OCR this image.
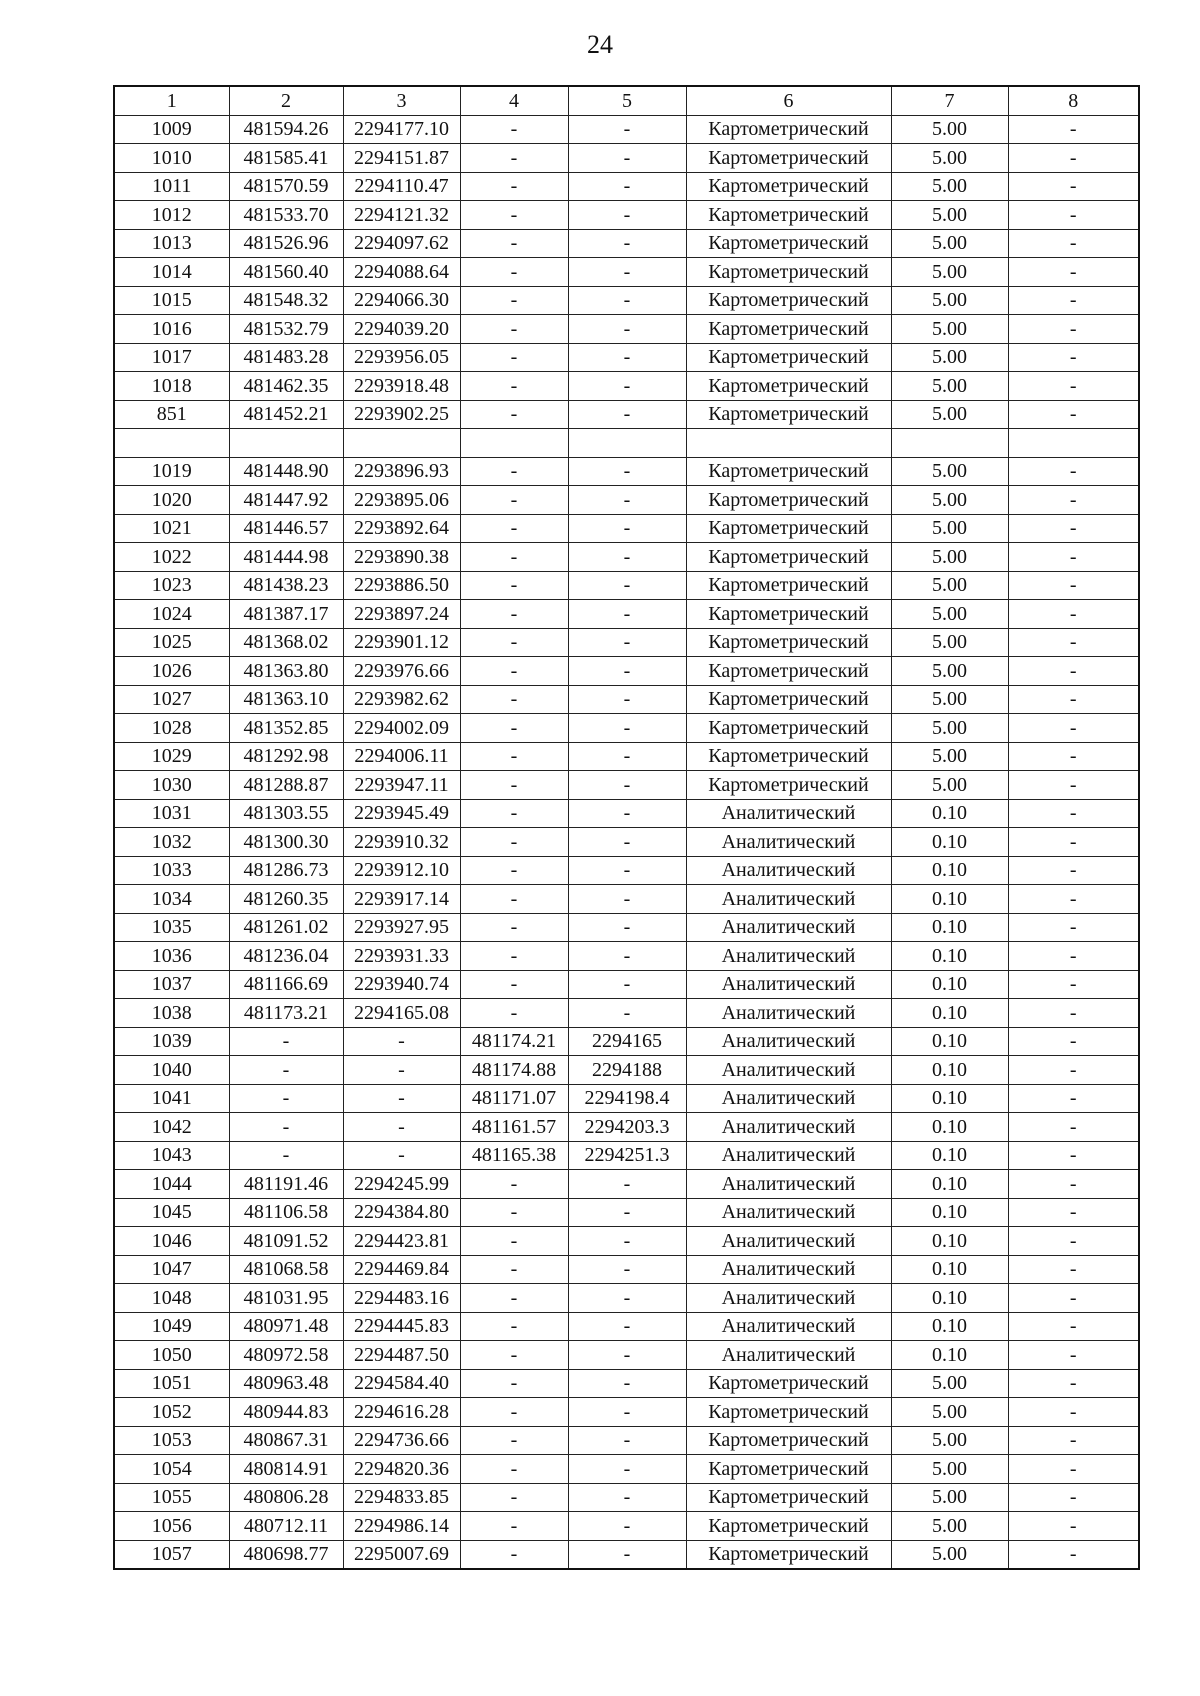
24
1	2	3	4	5	6	7	8
1009	481594.26	2294177.10	-	-	Картометрический	5.00	-
1010	481585.41	2294151.87	-	-	Картометрический	5.00	-
1011	481570.59	2294110.47	-	-	Картометрический	5.00	-
1012	481533.70	2294121.32	-	-	Картометрический	5.00	-
1013	481526.96	2294097.62	-	-	Картометрический	5.00	-
1014	481560.40	2294088.64	-	-	Картометрический	5.00	-
1015	481548.32	2294066.30	-	-	Картометрический	5.00	-
1016	481532.79	2294039.20	-	-	Картометрический	5.00	-
1017	481483.28	2293956.05	-	-	Картометрический	5.00	-
1018	481462.35	2293918.48	-	-	Картометрический	5.00	-
851	481452.21	2293902.25	-	-	Картометрический	5.00	-

1019	481448.90	2293896.93	-	-	Картометрический	5.00	-
1020	481447.92	2293895.06	-	-	Картометрический	5.00	-
1021	481446.57	2293892.64	-	-	Картометрический	5.00	-
1022	481444.98	2293890.38	-	-	Картометрический	5.00	-
1023	481438.23	2293886.50	-	-	Картометрический	5.00	-
1024	481387.17	2293897.24	-	-	Картометрический	5.00	-
1025	481368.02	2293901.12	-	-	Картометрический	5.00	-
1026	481363.80	2293976.66	-	-	Картометрический	5.00	-
1027	481363.10	2293982.62	-	-	Картометрический	5.00	-
1028	481352.85	2294002.09	-	-	Картометрический	5.00	-
1029	481292.98	2294006.11	-	-	Картометрический	5.00	-
1030	481288.87	2293947.11	-	-	Картометрический	5.00	-
1031	481303.55	2293945.49	-	-	Аналитический	0.10	-
1032	481300.30	2293910.32	-	-	Аналитический	0.10	-
1033	481286.73	2293912.10	-	-	Аналитический	0.10	-
1034	481260.35	2293917.14	-	-	Аналитический	0.10	-
1035	481261.02	2293927.95	-	-	Аналитический	0.10	-
1036	481236.04	2293931.33	-	-	Аналитический	0.10	-
1037	481166.69	2293940.74	-	-	Аналитический	0.10	-
1038	481173.21	2294165.08	-	-	Аналитический	0.10	-
1039	-	-	481174.21	2294165	Аналитический	0.10	-
1040	-	-	481174.88	2294188	Аналитический	0.10	-
1041	-	-	481171.07	2294198.4	Аналитический	0.10	-
1042	-	-	481161.57	2294203.3	Аналитический	0.10	-
1043	-	-	481165.38	2294251.3	Аналитический	0.10	-
1044	481191.46	2294245.99	-	-	Аналитический	0.10	-
1045	481106.58	2294384.80	-	-	Аналитический	0.10	-
1046	481091.52	2294423.81	-	-	Аналитический	0.10	-
1047	481068.58	2294469.84	-	-	Аналитический	0.10	-
1048	481031.95	2294483.16	-	-	Аналитический	0.10	-
1049	480971.48	2294445.83	-	-	Аналитический	0.10	-
1050	480972.58	2294487.50	-	-	Аналитический	0.10	-
1051	480963.48	2294584.40	-	-	Картометрический	5.00	-
1052	480944.83	2294616.28	-	-	Картометрический	5.00	-
1053	480867.31	2294736.66	-	-	Картометрический	5.00	-
1054	480814.91	2294820.36	-	-	Картометрический	5.00	-
1055	480806.28	2294833.85	-	-	Картометрический	5.00	-
1056	480712.11	2294986.14	-	-	Картометрический	5.00	-
1057	480698.77	2295007.69	-	-	Картометрический	5.00	-
